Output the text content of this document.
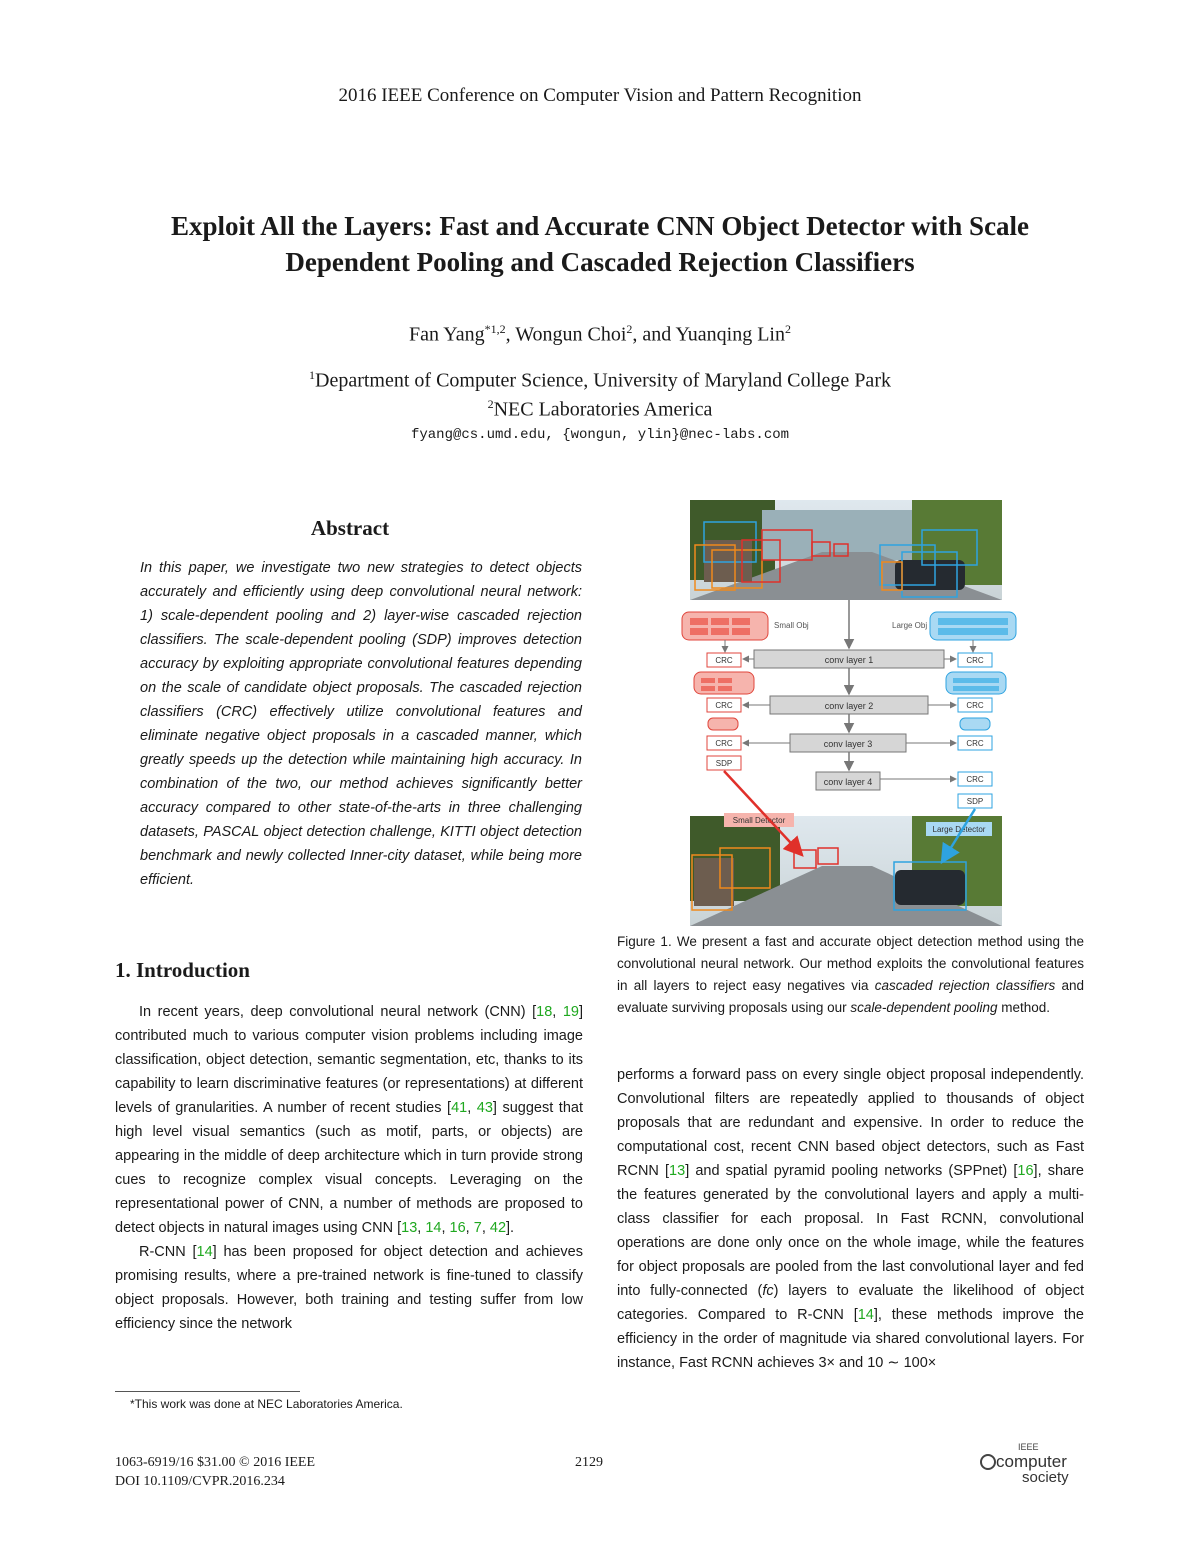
2016 IEEE Conference on Computer Vision and Pattern Recognition
Exploit All the Layers: Fast and Accurate CNN Object Detector with Scale
Dependent Pooling and Cascaded Rejection Classifiers
Fan Yang$^{*1,2}$, Wongun Choi$^2$, and Yuanqing Lin$^2$
$^1$Department of Computer Science, University of Maryland College Park
$^2$NEC Laboratories America
fyang@cs.umd.edu, {wongun, ylin}@nec-labs.com
Abstract
In this paper, we investigate two new strategies to detect objects accurately and efficiently using deep convolutional neural network: 1) scale-dependent pooling and 2) layer-wise cascaded rejection classifiers. The scale-dependent pooling (SDP) improves detection accuracy by exploiting appropriate convolutional features depending on the scale of candidate object proposals. The cascaded rejection classifiers (CRC) effectively utilize convolutional features and eliminate negative object proposals in a cascaded manner, which greatly speeds up the detection while maintaining high accuracy. In combination of the two, our method achieves significantly better accuracy compared to other state-of-the-arts in three challenging datasets, PASCAL object detection challenge, KITTI object detection benchmark and newly collected Inner-city dataset, while being more efficient.
1. Introduction

In recent years, deep convolutional neural network (CNN) [18, 19] contributed much to various computer vision problems including image classification, object detection, semantic segmentation, etc, thanks to its capability to learn discriminative features (or representations) at different levels of granularities. A number of recent studies [41, 43] suggest that high level visual semantics (such as motif, parts, or objects) are appearing in the middle of deep architecture which in turn provide strong cues to recognize complex visual concepts. Leveraging on the representational power of CNN, a number of methods are proposed to detect objects in natural images using CNN [13, 14, 16, 7, 42].

R-CNN [14] has been proposed for object detection and achieves promising results, where a pre-trained network is fine-tuned to classify object proposals. However, both training and testing suffer from low efficiency since the network

*This work was done at NEC Laboratories America.
Small Obj	Large Obj
conv layer 1
conv layer 2
conv layer 3
conv layer 4
CRC
CRC
CRC
SDP
CRC
CRC
CRC
CRC
SDP
Small Detector
Large Detector
Figure 1. We present a fast and accurate object detection method using the convolutional neural network. Our method exploits the convolutional features in all layers to reject easy negatives via cascaded rejection classifiers and evaluate surviving proposals using our scale-dependent pooling method.
performs a forward pass on every single object proposal independently. Convolutional filters are repeatedly applied to thousands of object proposals that are redundant and expensive. In order to reduce the computational cost, recent CNN based object detectors, such as Fast RCNN [13] and spatial pyramid pooling networks (SPPnet) [16], share the features generated by the convolutional layers and apply a multi-class classifier for each proposal. In Fast RCNN, convolutional operations are done only once on the whole image, while the features for object proposals are pooled from the last convolutional layer and fed into fully-connected (fc) layers to evaluate the likelihood of object categories. Compared to R-CNN [14], these methods improve the efficiency in the order of magnitude via shared convolutional layers. For instance, Fast RCNN achieves 3× and 10 ∼ 100×
1063-6919/16 $31.00 © 2016 IEEE
DOI 10.1109/CVPR.2016.234
2129
IEEE
computer
society
